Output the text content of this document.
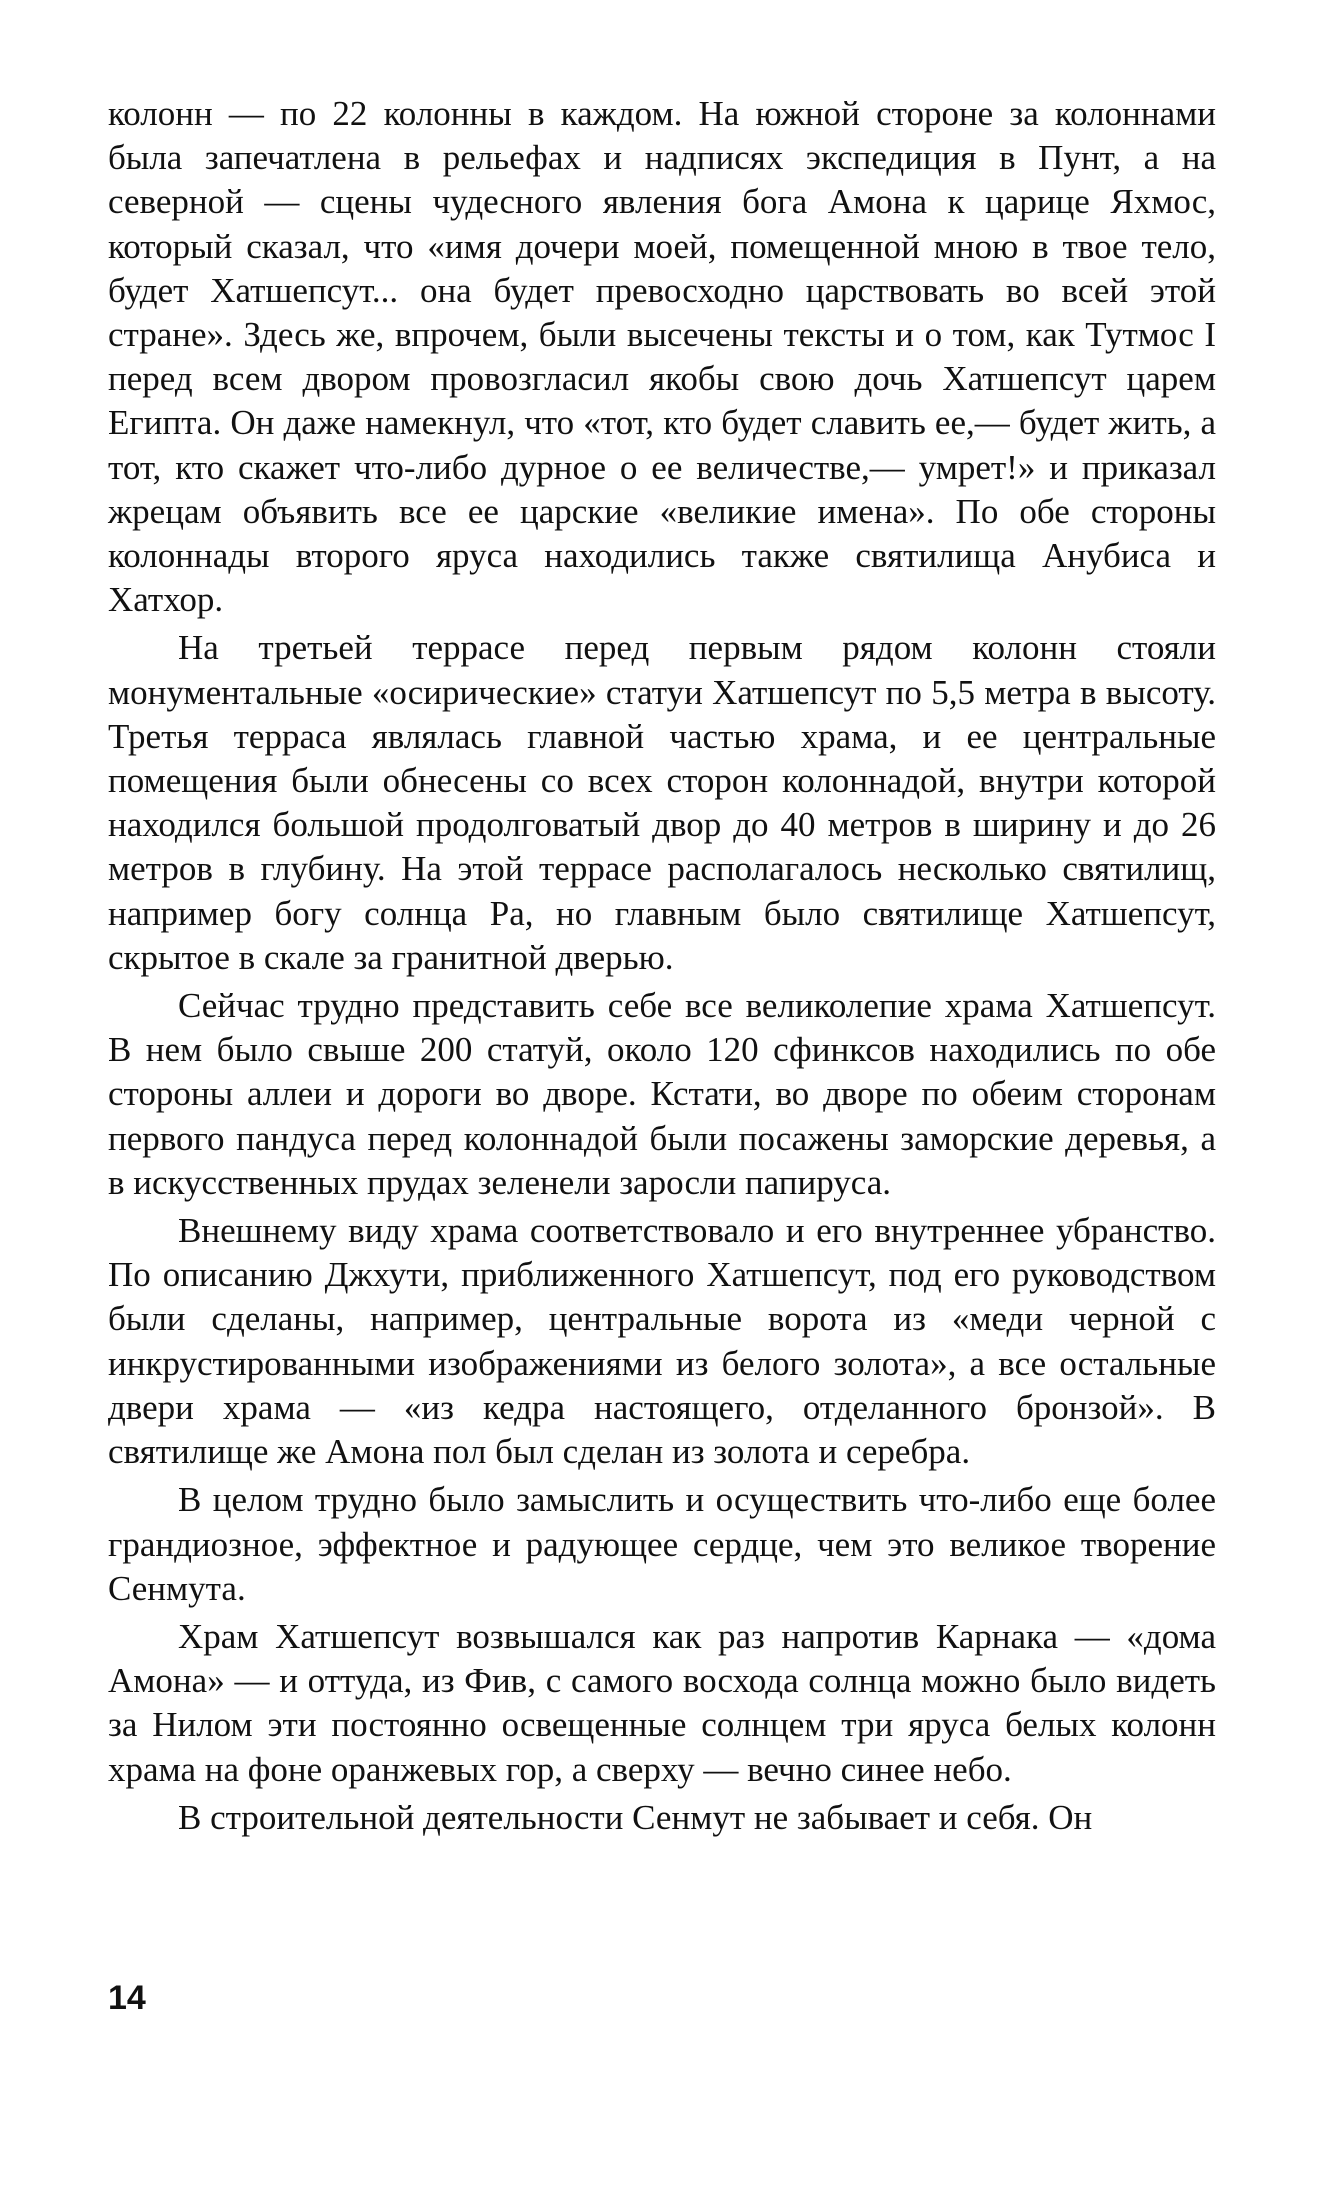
колонн — по 22 колонны в каждом. На южной стороне за колоннами была запечатлена в рельефах и надписях экспедиция в Пунт, а на северной — сцены чудесного явления бога Амона к царице Яхмос, который сказал, что «имя дочери моей, помещенной мною в твое тело, будет Хатшепсут... она будет превосходно царствовать во всей этой стране». Здесь же, впрочем, были высечены тексты и о том, как Тутмос I перед всем двором провозгласил якобы свою дочь Хатшепсут царем Египта. Он даже намекнул, что «тот, кто будет славить ее,— будет жить, а тот, кто скажет что-либо дурное о ее величестве,— умрет!» и приказал жрецам объявить все ее царские «великие имена». По обе стороны колоннады второго яруса находились также святилища Анубиса и Хатхор.

На третьей террасе перед первым рядом колонн стояли монументальные «осирические» статуи Хатшепсут по 5,5 метра в высоту. Третья терраса являлась главной частью храма, и ее центральные помещения были обнесены со всех сторон колоннадой, внутри которой находился большой продолговатый двор до 40 метров в ширину и до 26 метров в глубину. На этой террасе располагалось несколько святилищ, например богу солнца Ра, но главным было святилище Хатшепсут, скрытое в скале за гранитной дверью.

Сейчас трудно представить себе все великолепие храма Хатшепсут. В нем было свыше 200 статуй, около 120 сфинксов находились по обе стороны аллеи и дороги во дворе. Кстати, во дворе по обеим сторонам первого пандуса перед колоннадой были посажены заморские деревья, а в искусственных прудах зеленели заросли папируса.

Внешнему виду храма соответствовало и его внутреннее убранство. По описанию Джхути, приближенного Хатшепсут, под его руководством были сделаны, например, центральные ворота из «меди черной с инкрустированными изображениями из белого золота», а все остальные двери храма — «из кедра настоящего, отделанного бронзой». В святилище же Амона пол был сделан из золота и серебра.

В целом трудно было замыслить и осуществить что-либо еще более грандиозное, эффектное и радующее сердце, чем это великое творение Сенмута.

Храм Хатшепсут возвышался как раз напротив Карнака — «дома Амона» — и оттуда, из Фив, с самого восхода солнца можно было видеть за Нилом эти постоянно освещенные солнцем три яруса белых колонн храма на фоне оранжевых гор, а сверху — вечно синее небо.

В строительной деятельности Сенмут не забывает и себя. Он

14
